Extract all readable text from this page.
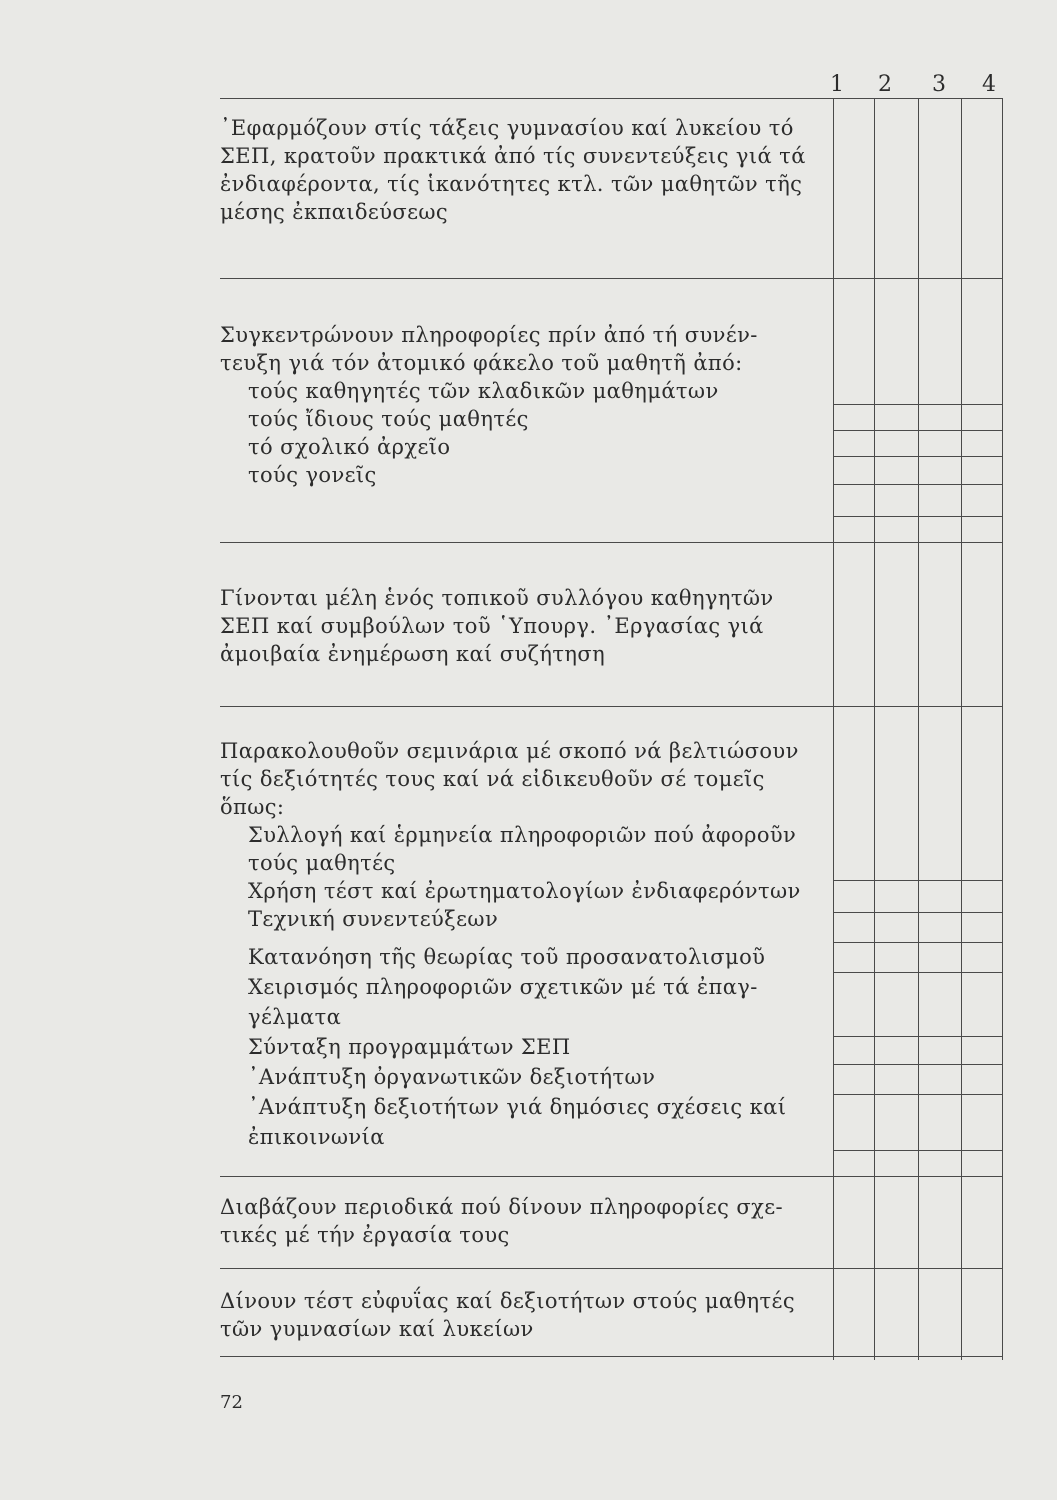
1 2 3 4
᾿Εφαρμόζουν στίς τάξεις γυμνασίου καί λυκείου τό
ΣΕΠ, κρατοῦν πρακτικά ἀπό τίς συνεντεύξεις γιά τά
ἐνδιαφέροντα, τίς ἱκανότητες κτλ. τῶν μαθητῶν τῆς
μέσης ἐκπαιδεύσεως
Συγκεντρώνουν πληροφορίες πρίν ἀπό τή συνέν-
τευξη γιά τόν ἀτομικό φάκελο τοῦ μαθητῆ ἀπό:
τούς καθηγητές τῶν κλαδικῶν μαθημάτων
τούς ἴδιους τούς μαθητές
τό σχολικό ἀρχεῖο
τούς γονεῖς
Γίνονται μέλη ἑνός τοπικοῦ συλλόγου καθηγητῶν
ΣΕΠ καί συμβούλων τοῦ ῾Υπουργ. ᾿Εργασίας γιά
ἀμοιβαία ἐνημέρωση καί συζήτηση
Παρακολουθοῦν σεμινάρια μέ σκοπό νά βελτιώσουν
τίς δεξιότητές τους καί νά εἰδικευθοῦν σέ τομεῖς
ὅπως:
Συλλογή καί ἑρμηνεία πληροφοριῶν πού ἀφοροῦν
τούς μαθητές
Χρήση τέστ καί ἐρωτηματολογίων ἐνδιαφερόντων
Τεχνική συνεντεύξεων
Κατανόηση τῆς θεωρίας τοῦ προσανατολισμοῦ
Χειρισμός πληροφοριῶν σχετικῶν μέ τά ἐπαγ-
γέλματα
Σύνταξη προγραμμάτων ΣΕΠ
᾿Ανάπτυξη ὀργανωτικῶν δεξιοτήτων
᾿Ανάπτυξη δεξιοτήτων γιά δημόσιες σχέσεις καί
ἐπικοινωνία
Διαβάζουν περιοδικά πού δίνουν πληροφορίες σχε-
τικές μέ τήν ἐργασία τους
Δίνουν τέστ εὐφυΐας καί δεξιοτήτων στούς μαθητές
τῶν γυμνασίων καί λυκείων
72
